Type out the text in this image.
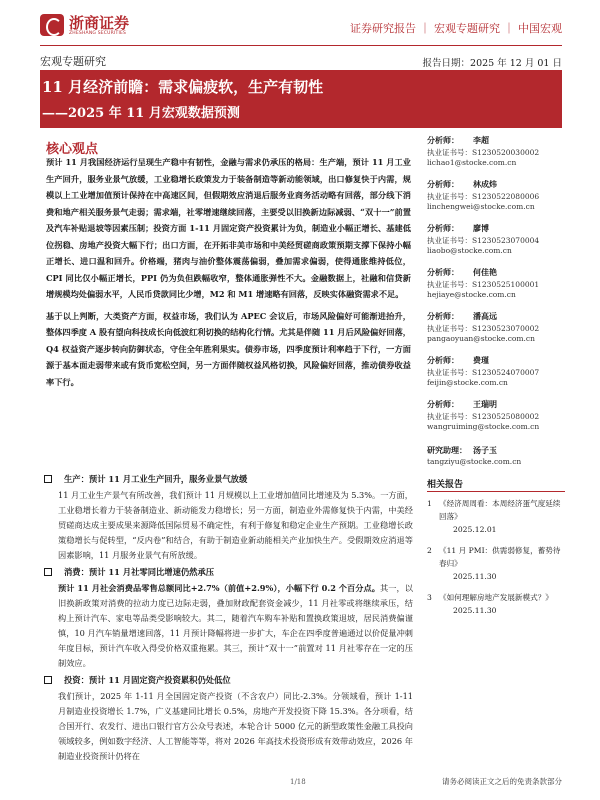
浙商证券
ZHESHANG SECURITIES	证券研究报告 ｜ 宏观专题研究 ｜ 中国宏观
宏观专题研究	报告日期：2025 年 12 月 01 日
11 月经济前瞻：需求偏疲软，生产有韧性
——2025 年 11 月宏观数据预测
核心观点

预计 11 月我国经济运行呈现生产稳中有韧性，金融与需求仍承压的格局：生产端，预计 11 月工业生产回升，服务业景气放缓，工业稳增长政策发力于装备制造等新动能领域，出口修复快于内需，规模以上工业增加值预计保持在中高速区间，但假期效应消退后服务业商务活动略有回落，部分线下消费和地产相关服务景气走弱；需求端，社零增速继续回落，主要受以旧换新边际减弱、“双十一”前置及汽车补贴退坡等因素压制；投资方面 1-11 月固定资产投资累计为负，制造业小幅正增长、基建低位拐稳、房地产投资大幅下行；出口方面，在开拓非美市场和中美经贸磋商政策预期支撑下保持小幅正增长、进口温和回升。价格端，猪肉与油价整体震荡偏弱，叠加需求偏弱，使得通胀维持低位，CPI 同比仅小幅正增长，PPI 仍为负但跌幅收窄，整体通胀弹性不大。金融数据上，社融和信贷新增规模均处偏弱水平，人民币贷款同比少增，M2 和 M1 增速略有回落，反映实体融资需求不足。

基于以上判断，大类资产方面，权益市场，我们认为 APEC 会议后，市场风险偏好可能渐进抬升，整体四季度 A 股有望向科技成长向低波红利切换的结构化行情。尤其是伴随 11 月后风险偏好回落，Q4 权益资产逐步转向防御状态，守住全年胜利果实。债券市场，四季度预计利率趋于下行，一方面源于基本面走弱带来或有货币宽松空间，另一方面伴随权益风格切换，风险偏好回落，推动债券收益率下行。

分析师： 李超
执业证书号：S1230520030002
lichao1@stocke.com.cn
分析师： 林成炜
执业证书号：S1230522080006
linchengwei@stocke.com.cn
分析师： 廖博
执业证书号：S1230523070004
liaobo@stocke.com.cn
分析师： 何佳艳
执业证书号：S1230525100001
hejiaye@stocke.com.cn
分析师： 潘高远
执业证书号：S1230523070002
pangaoyuan@stocke.com.cn
分析师： 费瑾
执业证书号：S1230524070007
feijin@stocke.com.cn
分析师： 王瑞明
执业证书号：S1230525080002
wangruiming@stocke.com.cn
研究助理： 汤子玉
tangziyu@stocke.com.cn
相关报告
1 《经济周周看：本周经济蛋气度延续回落》
2025.12.01
2 《11 月 PMI：供需弱修复，蓄势待春归》
2025.11.30
3 《如何理解房地产发展新模式？》
2025.11.30
生产：预计 11 月工业生产回升，服务业景气放缓
11 月工业生产景气有所改善，我们预计 11 月规模以上工业增加值同比增速及为 5.3%。一方面，工业稳增长着力于装备制造业、新动能发力稳增长；另一方面，制造业外需修复快于内需，中美经贸磋商达成主要成果来源降低国际贸易不确定性，有利于修复和稳定企业生产预期。工业稳增长政策稳增长与促转型，“反内卷”和结合，有助于制造业新动能相关产业加快生产。受假期效应消退等因素影响，11 月服务业景气有所放缓。
消费：预计 11 月社零同比增速仍然承压
预计 11 月社会消费品零售总额同比+2.7%（前值+2.9%），小幅下行 0.2 个百分点。其一，以旧换新政策对消费的拉动力度已边际走弱，叠加财政配套资金减少，11 月社零或将继续承压，结构上预计汽车、家电等品类受影响较大。其二，随着汽车购车补贴和置换政策退坡，居民消费偏谨慎，10 月汽车销量增速回落，11 月预计降幅将进一步扩大，车企在四季度普遍通过以价促量冲刺年度目标，预计汽车收入得受价格双重拖累。其三，预计“双十一”前置对 11 月社零存在一定的压制效应。
投资：预计 11 月固定资产投资累积仍处低位
我们预计，2025 年 1-11 月全国固定资产投资（不含农户）同比-2.3%。分领域看，预计 1-11 月制造业投资增长 1.7%，广义基建同比增长 0.5%，房地产开发投资下降 15.3%。各分项看，结合国开行、农发行、进出口银行官方公众号表述，本轮合计 5000 亿元的新型政策性金融工具投向领域较多，例如数字经济、人工智能等等，将对 2026 年高技术投资形成有效带动效应，2026 年制造业投资预计仍将在
1/18	请务必阅读正文之后的免责条款部分
